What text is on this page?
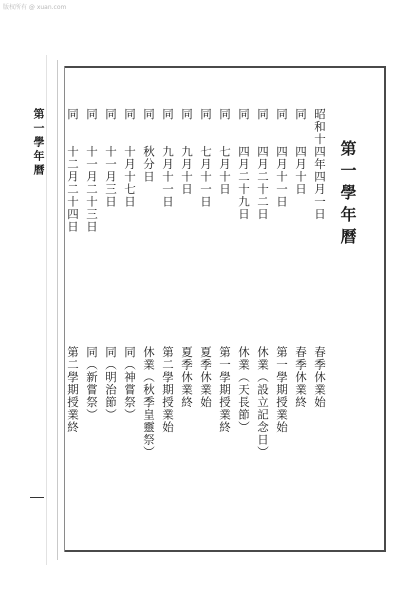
版权所有 @ xuan.com
第一學年曆	第一學年曆
昭和十四年四月一日
同　　四月十日
同　　四月十一日
同　　四月二十二日
同　　四月二十九日
同　　七月十日
同　　七月十一日
同　　九月十日
同　　九月十一日
同　　秋分日
同　　十月十七日
同　　十一月三日
同　　十一月二十三日
同　　十二月二十四日
春季休業始
春季休業終
第一學期授業始
休業（設立記念日）
休業（天長節）
第一學期授業終
夏季休業始
夏季休業終
第二學期授業始
休業（秋季皇靈祭）
同（神嘗祭）
同（明治節）
同（新嘗祭）
第二學期授業終
